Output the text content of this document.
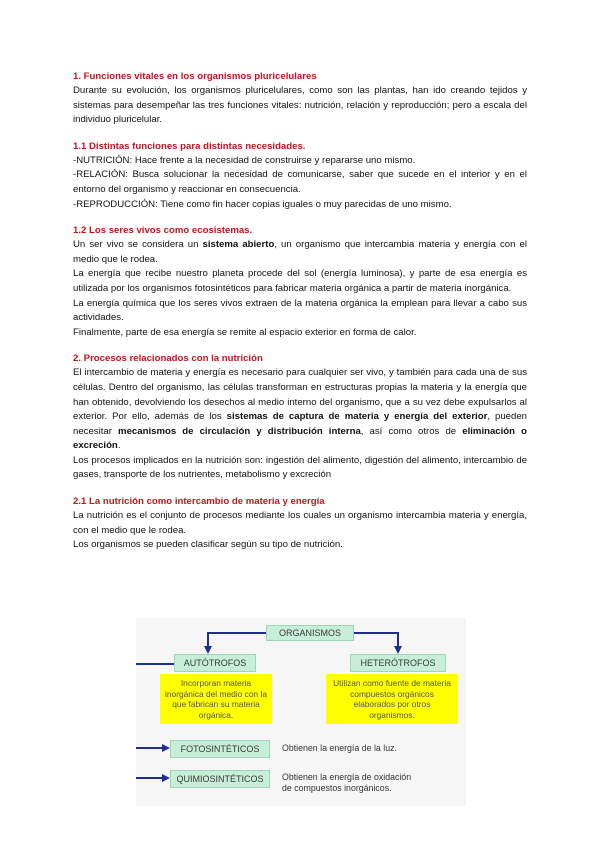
1. Funciones vitales en los organismos pluricelulares

Durante su evolución, los organismos pluricelulares, como son las plantas, han ido creando tejidos y sistemas para desempeñar las tres funciones vitales: nutrición, relación y reproducción; pero a escala del individuo pluricelular.

1.1 Distintas funciones para distintas necesidades.

-NUTRICIÓN: Hace frente a la necesidad de construirse y repararse uno mismo.

-RELACIÓN: Busca solucionar la necesidad de comunicarse, saber que sucede en el interior y en el entorno del organismo y reaccionar en consecuencia.

-REPRODUCCIÓN: Tiene como fin hacer copias iguales o muy parecidas de uno mismo.

1.2 Los seres vivos como ecosistemas.

Un ser vivo se considera un sistema abierto, un organismo que intercambia materia y energía con el medio que le rodea.

La energía que recibe nuestro planeta procede del sol (energía luminosa), y parte de esa energía es utilizada por los organismos fotosintéticos para fabricar materia orgánica a partir de materia inorgánica.

La energía química que los seres vivos extraen de la materia orgánica la emplean para llevar a cabo sus actividades.

Finalmente, parte de esa energía se remite al espacio exterior en forma de calor.

2. Procesos relacionados con la nutrición

El intercambio de materia y energía es necesario para cualquier ser vivo, y también para cada una de sus células. Dentro del organismo, las células transforman en estructuras propias la materia y la energía que han obtenido, devolviendo los desechos al medio interno del organismo, que a su vez debe expulsarlos al exterior. Por ello, además de los sistemas de captura de materia y energía del exterior, pueden necesitar mecanismos de circulación y distribución interna, así como otros de eliminación o excreción.

Los procesos implicados en la nutrición son: ingestión del alimento, digestión del alimento, intercambio de gases, transporte de los nutrientes, metabolismo y excreción

2.1 La nutrición como intercambio de materia y energía

La nutrición es el conjunto de procesos mediante los cuales un organismo intercambia materia y energía, con el medio que le rodea.

Los organismos se pueden clasificar según su tipo de nutrición.

ORGANISMOS
AUTÓTROFOS	HETERÓTROFOS
Incorporan materia inorgánica del medio con la que fabrican su materia orgánica.
Utilizan como fuente de materia compuestos orgánicos elaborados por otros organismos.
FOTOSINTÉTICOS	Obtienen la energía de la luz.
QUIMIOSINTÉTICOS	Obtienen la energía de oxidación de compuestos inorgánicos.
